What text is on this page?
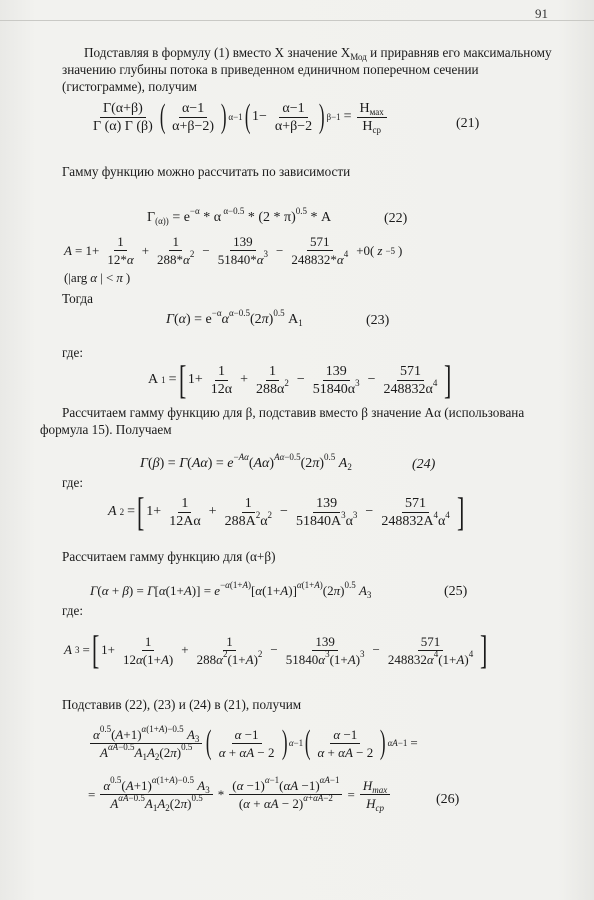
91
Подставляя в формулу (1) вместо Х значение $Х_{Мод}$ и приравняв его максимальному значению глубины потока в приведенном единичном поперечном сечении (гистограмме), получим
Γ(α+β)
Γ (α) Γ (β) ( α−1
α+β−2) ) α−1 ( 1−
α−1
α+β−2 ) β−1 =
$H_{мах}$
$H_{ср}$	(21)
Гамму функцию можно рассчитать по зависимости
$\Gamma_{(\alpha))} = e^{-\alpha} * \alpha$ $^{\alpha-0.5}$ * (2 * π)$^{0.5}$ * A	(22)
A = 1+
1
12*α
+
1
$288*\alpha^2$ −
139
$51840*\alpha^3$ −
571
$248832*\alpha^4 +0$( z −5 )
(|arg α | < π )
Тогда
$\Gamma(\alpha) = e^{-\alpha}\alpha^{\alpha-0.5}(2\pi)^{0.5}$ $A_1$	(23)
где:
A 1 = [ 1+
1
12α
+
1
$288\alpha^2$ −
139
$51840\alpha^3$ −
571
$248832\alpha^4$ ]
Рассчитаем гамму функцию для β, подставив вместо β значение Аα (использована формула 15). Получаем
$\Gamma(\beta) = \Gamma(A\alpha) = e^{-A\alpha}(A\alpha)^{A\alpha-0.5}(2\pi)^{0.5}$ $A_2$	(24)
где:
A 2 = [ 1+
1
12Aα
+
1
$288A^2\alpha^2$ −
139
$51840A^3\alpha^3$ −
571
$248832A^4\alpha^4$ ]
Рассчитаем гамму функцию для (α+β)
$\Gamma(\alpha + \beta) = \Gamma[\alpha(1+A)] = e^{-\alpha(1+A)}[\alpha(1+A)]^{\alpha(1+A)}(2\pi)^{0.5}$ $A_3$	(25)
где:
A 3 = [ 1+
1
12α(1+A)
+
1
$288\alpha^2(1+A)^2$ −
139
$51840\alpha^3(1+A)^3$ −
571
$248832\alpha^4(1+A)^4$ ]
Подставив (22), (23) и (24) в (21), получим
$\alpha^{0.5}(A+1)^{\alpha(1+A)-0.5}$ $A_3$
$A^{\alpha A-0.5}A_1A_2(2\pi)^{0.5}$ ( α −1
α + αA − 2 ) α−1 ( α −1
α + αA − 2 ) αA−1 =
=
$\alpha^{0.5}(A+1)^{\alpha(1+A)-0.5}$ $A_3$
$A^{\alpha A-0.5}A_1A_2(2\pi)^{0.5}$ *
$(\alpha -1)^{\alpha-1}(\alpha A -1)^{\alpha A-1}$
$(\alpha + \alpha A - 2)^{\alpha+\alpha A-2}$ =
$H_{max}$
$H_{cp}$
(26)
